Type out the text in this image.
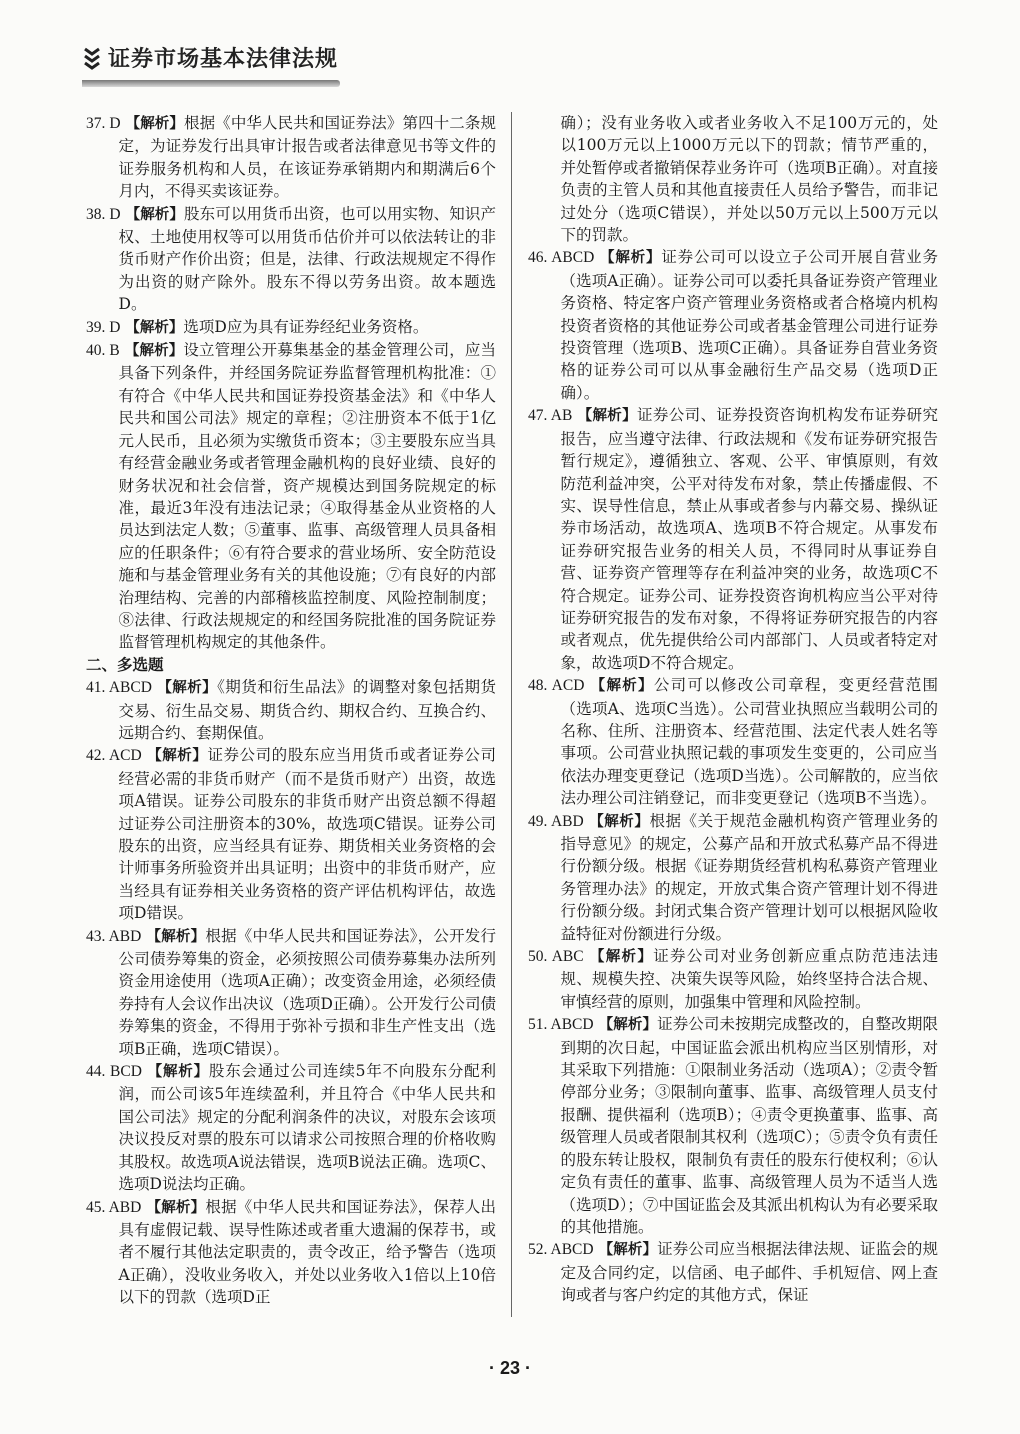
证券市场基本法律法规

37. D 【解析】根据《中华人民共和国证券法》第四十二条规定，为证券发行出具审计报告或者法律意见书等文件的证券服务机构和人员，在该证券承销期内和期满后6个月内，不得买卖该证券。

38. D 【解析】股东可以用货币出资，也可以用实物、知识产权、土地使用权等可以用货币估价并可以依法转让的非货币财产作价出资；但是，法律、行政法规规定不得作为出资的财产除外。股东不得以劳务出资。故本题选D。

39. D 【解析】选项D应为具有证券经纪业务资格。

40. B 【解析】设立管理公开募集基金的基金管理公司，应当具备下列条件，并经国务院证券监督管理机构批准：①有符合《中华人民共和国证券投资基金法》和《中华人民共和国公司法》规定的章程；②注册资本不低于1亿元人民币，且必须为实缴货币资本；③主要股东应当具有经营金融业务或者管理金融机构的良好业绩、良好的财务状况和社会信誉，资产规模达到国务院规定的标准，最近3年没有违法记录；④取得基金从业资格的人员达到法定人数；⑤董事、监事、高级管理人员具备相应的任职条件；⑥有符合要求的营业场所、安全防范设施和与基金管理业务有关的其他设施；⑦有良好的内部治理结构、完善的内部稽核监控制度、风险控制制度；⑧法律、行政法规规定的和经国务院批准的国务院证券监督管理机构规定的其他条件。

二、多选题

41. ABCD 【解析】《期货和衍生品法》的调整对象包括期货交易、衍生品交易、期货合约、期权合约、互换合约、远期合约、套期保值。

42. ACD 【解析】证券公司的股东应当用货币或者证券公司经营必需的非货币财产（而不是货币财产）出资，故选项A错误。证券公司股东的非货币财产出资总额不得超过证券公司注册资本的30%，故选项C错误。证券公司股东的出资，应当经具有证券、期货相关业务资格的会计师事务所验资并出具证明；出资中的非货币财产，应当经具有证券相关业务资格的资产评估机构评估，故选项D错误。

43. ABD 【解析】根据《中华人民共和国证券法》，公开发行公司债券筹集的资金，必须按照公司债券募集办法所列资金用途使用（选项A正确）；改变资金用途，必须经债券持有人会议作出决议（选项D正确）。公开发行公司债券筹集的资金，不得用于弥补亏损和非生产性支出（选项B正确，选项C错误）。

44. BCD 【解析】股东会通过公司连续5年不向股东分配利润，而公司该5年连续盈利，并且符合《中华人民共和国公司法》规定的分配利润条件的决议，对股东会该项决议投反对票的股东可以请求公司按照合理的价格收购其股权。故选项A说法错误，选项B说法正确。选项C、选项D说法均正确。

45. ABD 【解析】根据《中华人民共和国证券法》，保荐人出具有虚假记载、误导性陈述或者重大遗漏的保荐书，或者不履行其他法定职责的，责令改正，给予警告（选项A正确），没收业务收入，并处以业务收入1倍以上10倍以下的罚款（选项D正

确）；没有业务收入或者业务收入不足100万元的，处以100万元以上1000万元以下的罚款；情节严重的，并处暂停或者撤销保荐业务许可（选项B正确）。对直接负责的主管人员和其他直接责任人员给予警告，而非记过处分（选项C错误），并处以50万元以上500万元以下的罚款。

46. ABCD 【解析】证券公司可以设立子公司开展自营业务（选项A正确）。证券公司可以委托具备证券资产管理业务资格、特定客户资产管理业务资格或者合格境内机构投资者资格的其他证券公司或者基金管理公司进行证券投资管理（选项B、选项C正确）。具备证券自营业务资格的证券公司可以从事金融衍生产品交易（选项D正确）。

47. AB 【解析】证券公司、证券投资咨询机构发布证券研究报告，应当遵守法律、行政法规和《发布证券研究报告暂行规定》，遵循独立、客观、公平、审慎原则，有效防范利益冲突，公平对待发布对象，禁止传播虚假、不实、误导性信息，禁止从事或者参与内幕交易、操纵证券市场活动，故选项A、选项B不符合规定。从事发布证券研究报告业务的相关人员，不得同时从事证券自营、证券资产管理等存在利益冲突的业务，故选项C不符合规定。证券公司、证券投资咨询机构应当公平对待证券研究报告的发布对象，不得将证券研究报告的内容或者观点，优先提供给公司内部部门、人员或者特定对象，故选项D不符合规定。

48. ACD 【解析】公司可以修改公司章程，变更经营范围（选项A、选项C当选）。公司营业执照应当载明公司的名称、住所、注册资本、经营范围、法定代表人姓名等事项。公司营业执照记载的事项发生变更的，公司应当依法办理变更登记（选项D当选）。公司解散的，应当依法办理公司注销登记，而非变更登记（选项B不当选）。

49. ABD 【解析】根据《关于规范金融机构资产管理业务的指导意见》的规定，公募产品和开放式私募产品不得进行份额分级。根据《证券期货经营机构私募资产管理业务管理办法》的规定，开放式集合资产管理计划不得进行份额分级。封闭式集合资产管理计划可以根据风险收益特征对份额进行分级。

50. ABC 【解析】证券公司对业务创新应重点防范违法违规、规模失控、决策失误等风险，始终坚持合法合规、审慎经营的原则，加强集中管理和风险控制。

51. ABCD 【解析】证券公司未按期完成整改的，自整改期限到期的次日起，中国证监会派出机构应当区别情形，对其采取下列措施：①限制业务活动（选项A）；②责令暂停部分业务；③限制向董事、监事、高级管理人员支付报酬、提供福利（选项B）；④责令更换董事、监事、高级管理人员或者限制其权利（选项C）；⑤责令负有责任的股东转让股权，限制负有责任的股东行使权利；⑥认定负有责任的董事、监事、高级管理人员为不适当人选（选项D）；⑦中国证监会及其派出机构认为有必要采取的其他措施。

52. ABCD 【解析】证券公司应当根据法律法规、证监会的规定及合同约定，以信函、电子邮件、手机短信、网上查询或者与客户约定的其他方式，保证

· 23 ·
